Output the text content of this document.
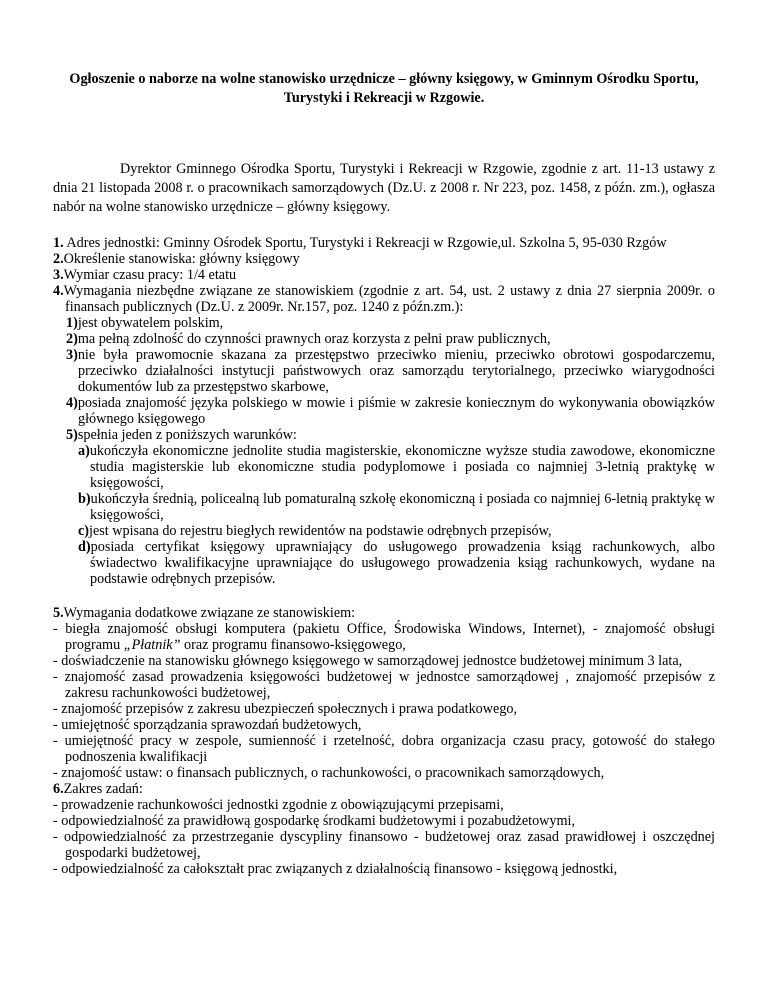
Ogłoszenie o naborze na wolne stanowisko urzędnicze – główny księgowy, w Gminnym Ośrodku Sportu, Turystyki i Rekreacji w Rzgowie.

Dyrektor Gminnego Ośrodka Sportu, Turystyki i Rekreacji w Rzgowie, zgodnie z art. 11-13 ustawy z dnia 21 listopada 2008 r. o pracownikach samorządowych (Dz.U. z 2008 r. Nr 223, poz. 1458, z późn. zm.), ogłasza nabór na wolne stanowisko urzędnicze – główny księgowy.

1. Adres jednostki: Gminny Ośrodek Sportu, Turystyki i Rekreacji w Rzgowie,ul. Szkolna 5, 95-030 Rzgów

2.Określenie stanowiska: główny księgowy

3.Wymiar czasu pracy: 1/4 etatu

4.Wymagania niezbędne związane ze stanowiskiem (zgodnie z art. 54, ust. 2 ustawy z dnia 27 sierpnia 2009r. o finansach publicznych (Dz.U. z 2009r. Nr.157, poz. 1240 z późn.zm.):

1)jest obywatelem polskim,

2)ma pełną zdolność do czynności prawnych oraz korzysta z pełni praw publicznych,

3)nie była prawomocnie skazana za przestępstwo przeciwko mieniu, przeciwko obrotowi gospodarczemu, przeciwko działalności instytucji państwowych oraz samorządu terytorialnego, przeciwko wiarygodności dokumentów lub za przestępstwo skarbowe,

4)posiada znajomość języka polskiego w mowie i piśmie w zakresie koniecznym do wykonywania obowiązków głównego księgowego

5)spełnia jeden z poniższych warunków:

a)ukończyła ekonomiczne jednolite studia magisterskie, ekonomiczne wyższe studia zawodowe, ekonomiczne studia magisterskie lub ekonomiczne studia podyplomowe i posiada co najmniej 3-letnią praktykę w księgowości,

b)ukończyła średnią, policealną lub pomaturalną szkołę ekonomiczną i posiada co najmniej 6-letnią praktykę w księgowości,

c)jest wpisana do rejestru biegłych rewidentów na podstawie odrębnych przepisów,

d)posiada certyfikat księgowy uprawniający do usługowego prowadzenia ksiąg rachunkowych, albo świadectwo kwalifikacyjne uprawniające do usługowego prowadzenia ksiąg rachunkowych, wydane na podstawie odrębnych przepisów.

5.Wymagania dodatkowe związane ze stanowiskiem:

- biegła znajomość obsługi komputera (pakietu Office, Środowiska Windows, Internet), - znajomość obsługi programu „Płatnik” oraz programu finansowo-księgowego,

- doświadczenie na stanowisku głównego księgowego w samorządowej jednostce budżetowej minimum 3 lata,

- znajomość zasad prowadzenia księgowości budżetowej w jednostce samorządowej , znajomość przepisów z zakresu rachunkowości budżetowej,

- znajomość przepisów z zakresu ubezpieczeń społecznych i prawa podatkowego,

- umiejętność sporządzania sprawozdań budżetowych,

- umiejętność pracy w zespole, sumienność i rzetelność, dobra organizacja czasu pracy, gotowość do stałego podnoszenia kwalifikacji

- znajomość ustaw: o finansach publicznych, o rachunkowości, o pracownikach samorządowych,

6.Zakres zadań:

- prowadzenie rachunkowości jednostki zgodnie z obowiązującymi przepisami,

- odpowiedzialność za prawidłową gospodarkę środkami budżetowymi i pozabudżetowymi,

- odpowiedzialność za przestrzeganie dyscypliny finansowo - budżetowej oraz zasad prawidłowej i oszczędnej gospodarki budżetowej,

- odpowiedzialność za całokształt prac związanych z działalnością finansowo - księgową jednostki,
